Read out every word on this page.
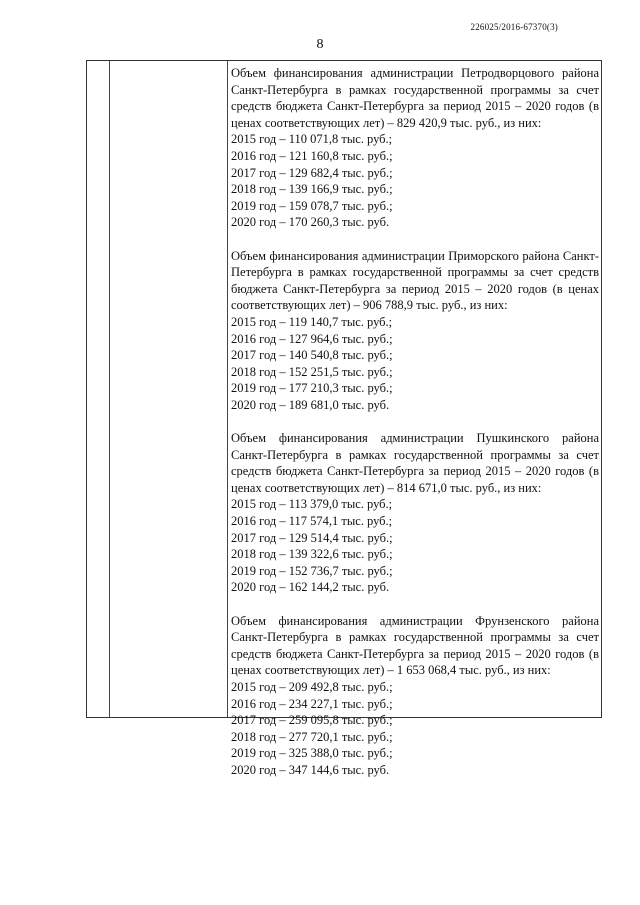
226025/2016-67370(3)
8
Объем финансирования администрации Петродворцового района Санкт-Петербурга в рамках государственной программы за счет средств бюджета Санкт-Петербурга за период 2015 – 2020 годов (в ценах соответствующих лет) – 829 420,9 тыс. руб., из них:
2015 год – 110 071,8 тыс. руб.;
2016 год – 121 160,8 тыс. руб.;
2017 год – 129 682,4 тыс. руб.;
2018 год – 139 166,9 тыс. руб.;
2019 год – 159 078,7 тыс. руб.;
2020 год – 170 260,3 тыс. руб.
Объем финансирования администрации Приморского района Санкт-Петербурга в рамках государственной программы за счет средств бюджета Санкт-Петербурга за период 2015 – 2020 годов (в ценах соответствующих лет) – 906 788,9 тыс. руб., из них:
2015 год – 119 140,7 тыс. руб.;
2016 год – 127 964,6 тыс. руб.;
2017 год – 140 540,8 тыс. руб.;
2018 год – 152 251,5 тыс. руб.;
2019 год – 177 210,3 тыс. руб.;
2020 год – 189 681,0 тыс. руб.
Объем финансирования администрации Пушкинского района Санкт-Петербурга в рамках государственной программы за счет средств бюджета Санкт-Петербурга за период 2015 – 2020 годов (в ценах соответствующих лет) – 814 671,0 тыс. руб., из них:
2015 год – 113 379,0 тыс. руб.;
2016 год – 117 574,1 тыс. руб.;
2017 год – 129 514,4 тыс. руб.;
2018 год – 139 322,6 тыс. руб.;
2019 год – 152 736,7 тыс. руб.;
2020 год – 162 144,2 тыс. руб.
Объем финансирования администрации Фрунзенского района Санкт-Петербурга в рамках государственной программы за счет средств бюджета Санкт-Петербурга за период 2015 – 2020 годов (в ценах соответствующих лет) – 1 653 068,4 тыс. руб., из них:
2015 год – 209 492,8 тыс. руб.;
2016 год – 234 227,1 тыс. руб.;
2017 год – 259 095,8 тыс. руб.;
2018 год – 277 720,1 тыс. руб.;
2019 год – 325 388,0 тыс. руб.;
2020 год – 347 144,6 тыс. руб.
